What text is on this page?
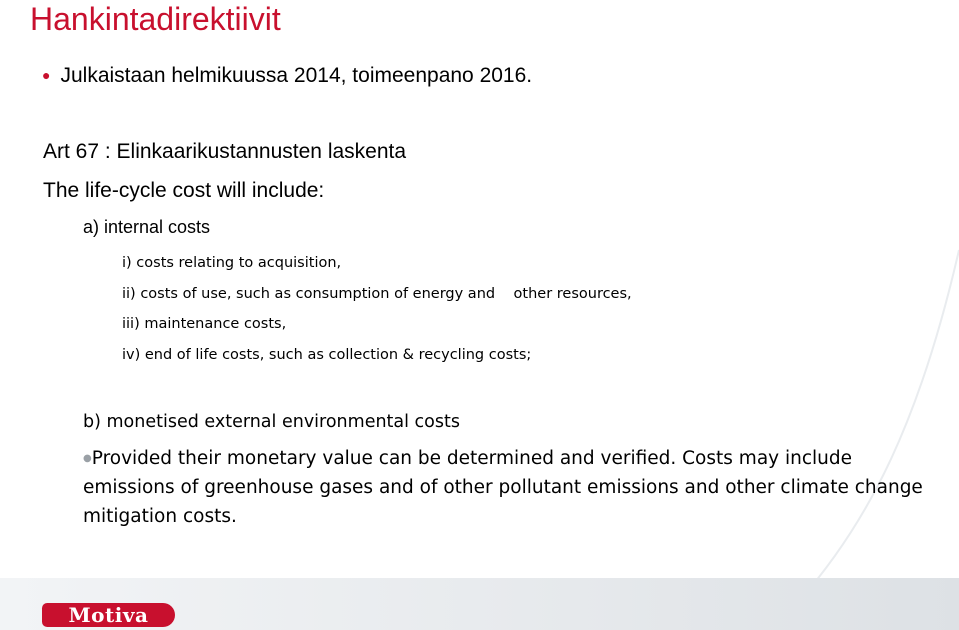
Hankintadirektiivit
● Julkaistaan helmikuussa 2014, toimeenpano 2016.
Art 67 : Elinkaarikustannusten laskenta
The life-cycle cost will include:
a) internal costs
i) costs relating to acquisition,
ii) costs of use, such as consumption of energy and    other resources,
iii) maintenance costs,
iv) end of life costs, such as collection & recycling costs;
b) monetised external environmental costs

●Provided their monetary value can be determined and verified. Costs may include emissions of greenhouse gases and of other pollutant emissions and other climate change mitigation costs.

Motiva
